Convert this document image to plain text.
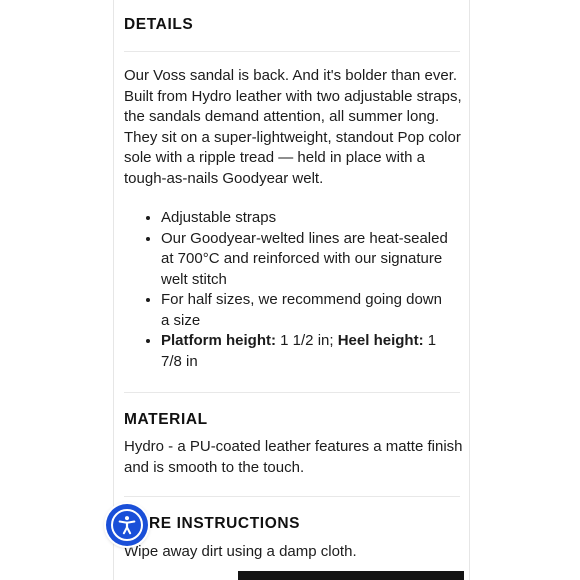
DETAILS
Our Voss sandal is back. And it's bolder than ever. Built from Hydro leather with two adjustable straps, the sandals demand attention, all summer long. They sit on a super-lightweight, standout Pop color sole with a ripple tread — held in place with a tough-as-nails Goodyear welt.
• Adjustable straps
• Our Goodyear-welted lines are heat-sealed at 700°C and reinforced with our signature welt stitch
• For half sizes, we recommend going down a size
• Platform height: 1 1/2 in; Heel height: 1 7/8 in
MATERIAL
Hydro - a PU-coated leather features a matte finish and is smooth to the touch.
RE INSTRUCTIONS
Wipe away dirt using a damp cloth.
